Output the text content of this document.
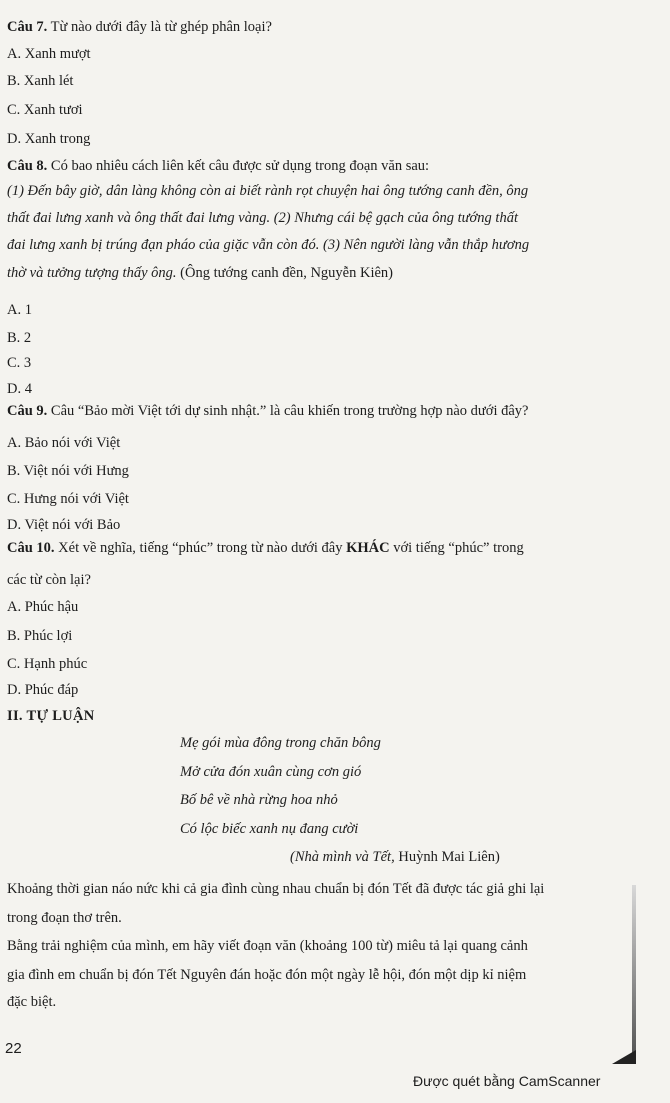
Câu 7. Từ nào dưới đây là từ ghép phân loại?
A. Xanh mượt
B. Xanh lét
C. Xanh tươi
D. Xanh trong
Câu 8. Có bao nhiêu cách liên kết câu được sử dụng trong đoạn văn sau:
(1) Đến bây giờ, dân làng không còn ai biết rành rọt chuyện hai ông tướng canh đền, ông
thất đai lưng xanh và ông thất đai lưng vàng. (2) Nhưng cái bệ gạch của ông tướng thất
đai lưng xanh bị trúng đạn pháo của giặc vẫn còn đó. (3) Nên người làng vẫn thắp hương
thờ và tưởng tượng thấy ông. (Ông tướng canh đền, Nguyễn Kiên)
A. 1
B. 2
C. 3
D. 4
Câu 9. Câu “Bảo mời Việt tới dự sinh nhật.” là câu khiến trong trường hợp nào dưới đây?
A. Bảo nói với Việt
B. Việt nói với Hưng
C. Hưng nói với Việt
D. Việt nói với Bảo
Câu 10. Xét về nghĩa, tiếng “phúc” trong từ nào dưới đây KHÁC với tiếng “phúc” trong
các từ còn lại?
A. Phúc hậu
B. Phúc lợi
C. Hạnh phúc
D. Phúc đáp
II. TỰ LUẬN
Mẹ gói mùa đông trong chăn bông
Mở cửa đón xuân cùng cơn gió
Bố bê về nhà rừng hoa nhỏ
Có lộc biếc xanh nụ đang cười
(Nhà mình và Tết, Huỳnh Mai Liên)
Khoảng thời gian náo nức khi cả gia đình cùng nhau chuẩn bị đón Tết đã được tác giả ghi lại
trong đoạn thơ trên.
Bằng trải nghiệm của mình, em hãy viết đoạn văn (khoảng 100 từ) miêu tả lại quang cảnh
gia đình em chuẩn bị đón Tết Nguyên đán hoặc đón một ngày lễ hội, đón một dịp kỉ niệm
đặc biệt.
22
Được quét bằng CamScanner
